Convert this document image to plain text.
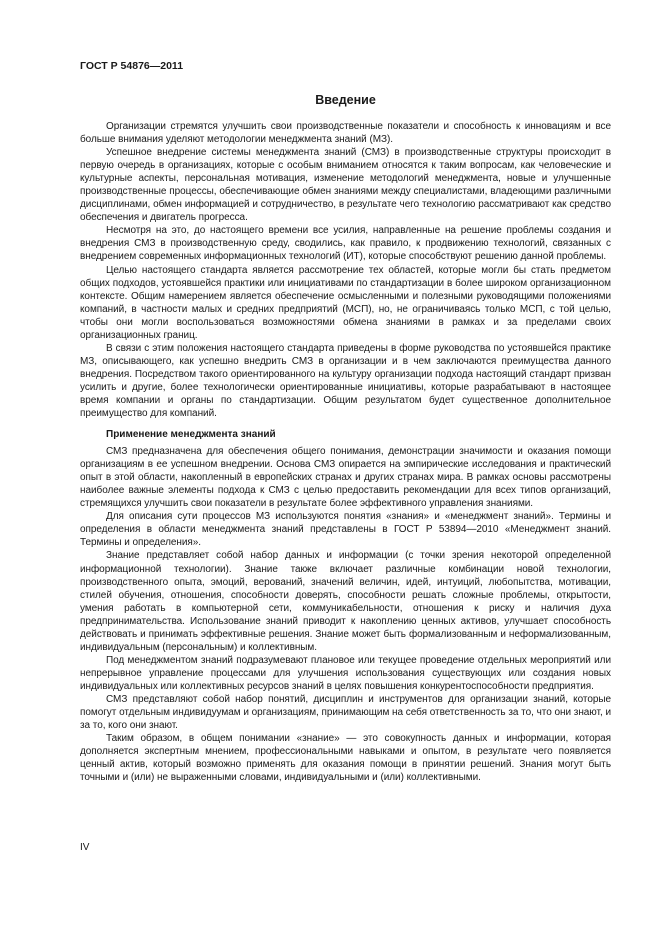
ГОСТ Р 54876—2011
Введение

Организации стремятся улучшить свои производственные показатели и способность к инновациям и все больше внимания уделяют методологии менеджмента знаний (МЗ).

Успешное внедрение системы менеджмента знаний (СМЗ) в производственные структуры происходит в первую очередь в организациях, которые с особым вниманием относятся к таким вопросам, как человеческие и культурные аспекты, персональная мотивация, изменение методологий менеджмента, новые и улучшенные производственные процессы, обеспечивающие обмен знаниями между специалистами, владеющими различными дисциплинами, обмен информацией и сотрудничество, в результате чего технологию рассматривают как средство обеспечения и двигатель прогресса.

Несмотря на это, до настоящего времени все усилия, направленные на решение проблемы создания и внедрения СМЗ в производственную среду, сводились, как правило, к продвижению технологий, связанных с внедрением современных информационных технологий (ИТ), которые способствуют решению данной проблемы.

Целью настоящего стандарта является рассмотрение тех областей, которые могли бы стать предметом общих подходов, устоявшейся практики или инициативами по стандартизации в более широком организационном контексте. Общим намерением является обеспечение осмысленными и полезными руководящими положениями компаний, в частности малых и средних предприятий (МСП), но, не ограничиваясь только МСП, с той целью, чтобы они могли воспользоваться возможностями обмена знаниями в рамках и за пределами своих организационных границ.

В связи с этим положения настоящего стандарта приведены в форме руководства по устоявшейся практике МЗ, описывающего, как успешно внедрить СМЗ в организации и в чем заключаются преимущества данного внедрения. Посредством такого ориентированного на культуру организации подхода настоящий стандарт призван усилить и другие, более технологически ориентированные инициативы, которые разрабатывают в настоящее время компании и органы по стандартизации. Общим результатом будет существенное дополнительное преимущество для компаний.

Применение менеджмента знаний

СМЗ предназначена для обеспечения общего понимания, демонстрации значимости и оказания помощи организациям в ее успешном внедрении. Основа СМЗ опирается на эмпирические исследования и практический опыт в этой области, накопленный в европейских странах и других странах мира. В рамках основы рассмотрены наиболее важные элементы подхода к СМЗ с целью предоставить рекомендации для всех типов организаций, стремящихся улучшить свои показатели в результате более эффективного управления знаниями.

Для описания сути процессов МЗ используются понятия «знания» и «менеджмент знаний». Термины и определения в области менеджмента знаний представлены в ГОСТ Р 53894—2010 «Менеджмент знаний. Термины и определения».

Знание представляет собой набор данных и информации (с точки зрения некоторой определенной информационной технологии). Знание также включает различные комбинации новой технологии, производственного опыта, эмоций, верований, значений величин, идей, интуиций, любопытства, мотивации, стилей обучения, отношения, способности доверять, способности решать сложные проблемы, открытости, умения работать в компьютерной сети, коммуникабельности, отношения к риску и наличия духа предпринимательства. Использование знаний приводит к накоплению ценных активов, улучшает способность действовать и принимать эффективные решения. Знание может быть формализованным и неформализованным, индивидуальным (персональным) и коллективным.

Под менеджментом знаний подразумевают плановое или текущее проведение отдельных мероприятий или непрерывное управление процессами для улучшения использования существующих или создания новых индивидуальных или коллективных ресурсов знаний в целях повышения конкурентоспособности предприятия.

СМЗ представляют собой набор понятий, дисциплин и инструментов для организации знаний, которые помогут отдельным индивидуумам и организациям, принимающим на себя ответственность за то, что они знают, и за то, кого они знают.

Таким образом, в общем понимании «знание» — это совокупность данных и информации, которая дополняется экспертным мнением, профессиональными навыками и опытом, в результате чего появляется ценный актив, который возможно применять для оказания помощи в принятии решений. Знания могут быть точными и (или) не выраженными словами, индивидуальными и (или) коллективными.

IV
